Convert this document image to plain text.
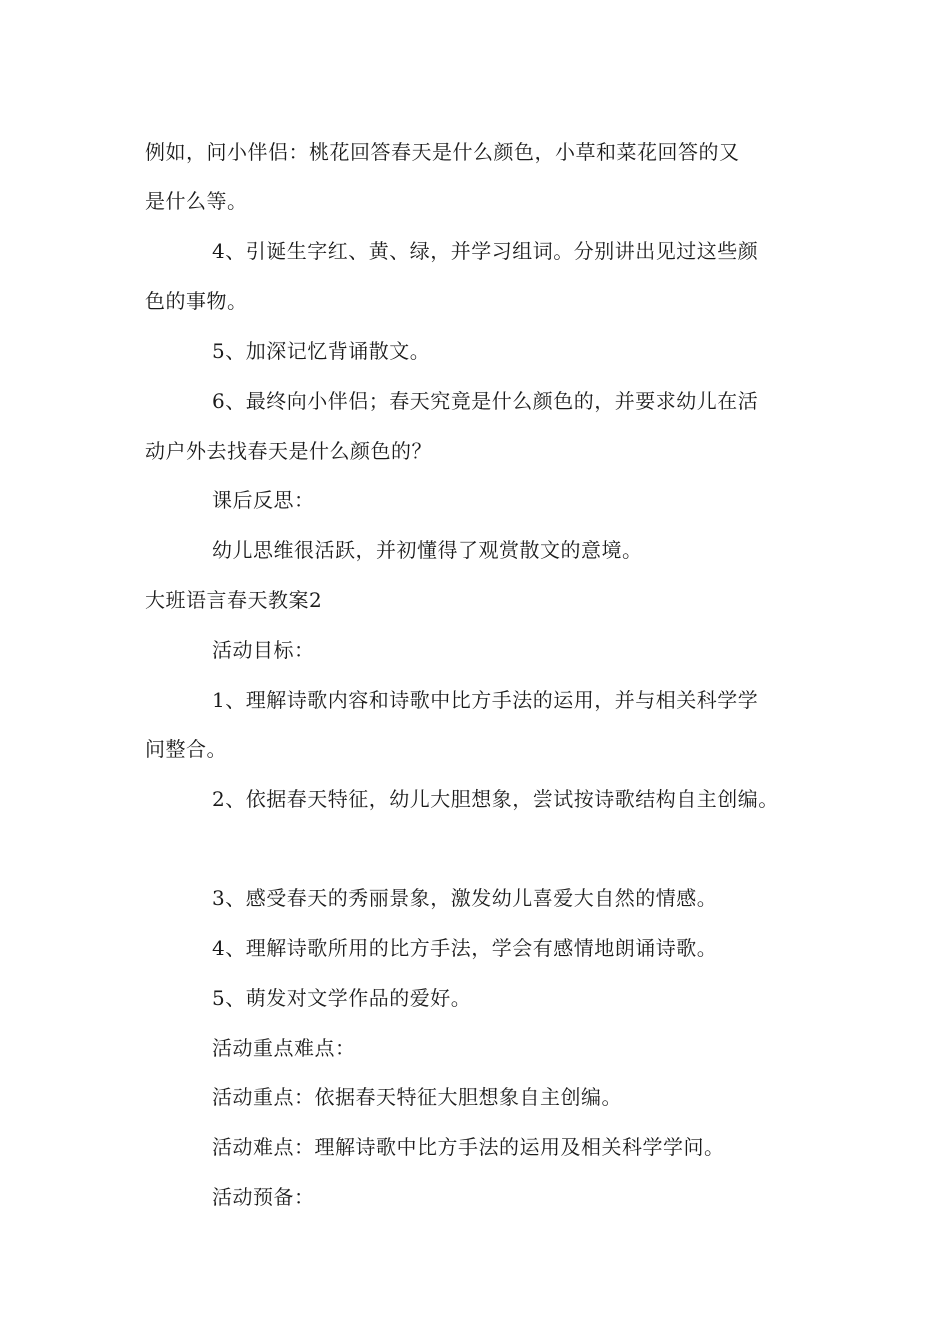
例如，问小伴侣：桃花回答春天是什么颜色，小草和菜花回答的又
是什么等。
4、引诞生字红、黄、绿，并学习组词。分别讲出见过这些颜
色的事物。
5、加深记忆背诵散文。
6、最终向小伴侣；春天究竟是什么颜色的，并要求幼儿在活
动户外去找春天是什么颜色的？
课后反思：
幼儿思维很活跃，并初懂得了观赏散文的意境。
大班语言春天教案2
活动目标：
1、理解诗歌内容和诗歌中比方手法的运用，并与相关科学学
问整合。
2、依据春天特征，幼儿大胆想象，尝试按诗歌结构自主创编。
3、感受春天的秀丽景象，激发幼儿喜爱大自然的情感。
4、理解诗歌所用的比方手法，学会有感情地朗诵诗歌。
5、萌发对文学作品的爱好。
活动重点难点：
活动重点：依据春天特征大胆想象自主创编。
活动难点：理解诗歌中比方手法的运用及相关科学学问。
活动预备：
